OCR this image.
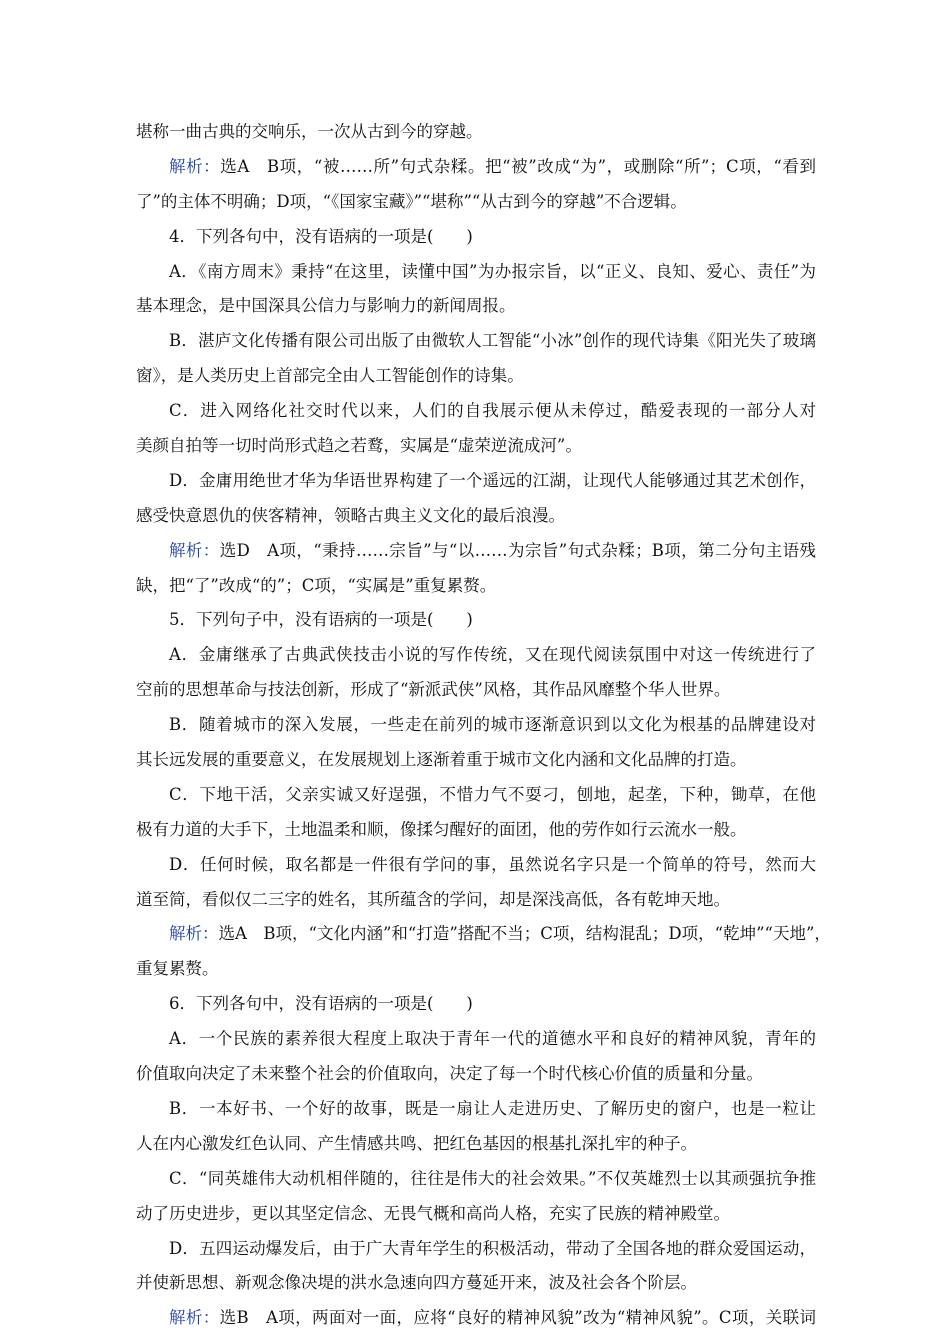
堪称一曲古典的交响乐，一次从古到今的穿越。
解析：选A　B项，“被……所”句式杂糅。把“被”改成“为”，或删除“所”；C项，“看到
了”的主体不明确；D项，“《国家宝藏》”“堪称”“从古到今的穿越”不合逻辑。
4．下列各句中，没有语病的一项是(　　)
A．《南方周末》秉持“在这里，读懂中国”为办报宗旨，以“正义、良知、爱心、责任”为
基本理念，是中国深具公信力与影响力的新闻周报。
B．湛庐文化传播有限公司出版了由微软人工智能“小冰”创作的现代诗集《阳光失了玻璃
窗》，是人类历史上首部完全由人工智能创作的诗集。
C．进入网络化社交时代以来，人们的自我展示便从未停过，酷爱表现的一部分人对
美颜自拍等一切时尚形式趋之若鹜，实属是“虚荣逆流成河”。
D．金庸用绝世才华为华语世界构建了一个遥远的江湖，让现代人能够通过其艺术创作，
感受快意恩仇的侠客精神，领略古典主义文化的最后浪漫。
解析：选D　A项，“秉持……宗旨”与“以……为宗旨”句式杂糅；B项，第二分句主语残
缺，把“了”改成“的”；C项，“实属是”重复累赘。
5．下列句子中，没有语病的一项是(　　)
A．金庸继承了古典武侠技击小说的写作传统，又在现代阅读氛围中对这一传统进行了
空前的思想革命与技法创新，形成了“新派武侠”风格，其作品风靡整个华人世界。
B．随着城市的深入发展，一些走在前列的城市逐渐意识到以文化为根基的品牌建设对
其长远发展的重要意义，在发展规划上逐渐着重于城市文化内涵和文化品牌的打造。
C．下地干活，父亲实诚又好逞强，不惜力气不耍刁，刨地，起垄，下种，锄草，在他
极有力道的大手下，土地温柔和顺，像揉匀醒好的面团，他的劳作如行云流水一般。
D．任何时候，取名都是一件很有学问的事，虽然说名字只是一个简单的符号，然而大
道至简，看似仅二三字的姓名，其所蕴含的学问，却是深浅高低，各有乾坤天地。
解析：选A　B项，“文化内涵”和“打造”搭配不当；C项，结构混乱；D项，“乾坤”“天地”，
重复累赘。
6．下列各句中，没有语病的一项是(　　)
A．一个民族的素养很大程度上取决于青年一代的道德水平和良好的精神风貌，青年的
价值取向决定了未来整个社会的价值取向，决定了每一个时代核心价值的质量和分量。
B．一本好书、一个好的故事，既是一扇让人走进历史、了解历史的窗户，也是一粒让
人在内心激发红色认同、产生情感共鸣、把红色基因的根基扎深扎牢的种子。
C．“同英雄伟大动机相伴随的，往往是伟大的社会效果。”不仅英雄烈士以其顽强抗争推
动了历史进步，更以其坚定信念、无畏气概和高尚人格，充实了民族的精神殿堂。
D．五四运动爆发后，由于广大青年学生的积极活动，带动了全国各地的群众爱国运动，
并使新思想、新观念像决堤的洪水急速向四方蔓延开来，波及社会各个阶层。
解析：选B　A项，两面对一面，应将“良好的精神风貌”改为“精神风貌”。C项，关联词
